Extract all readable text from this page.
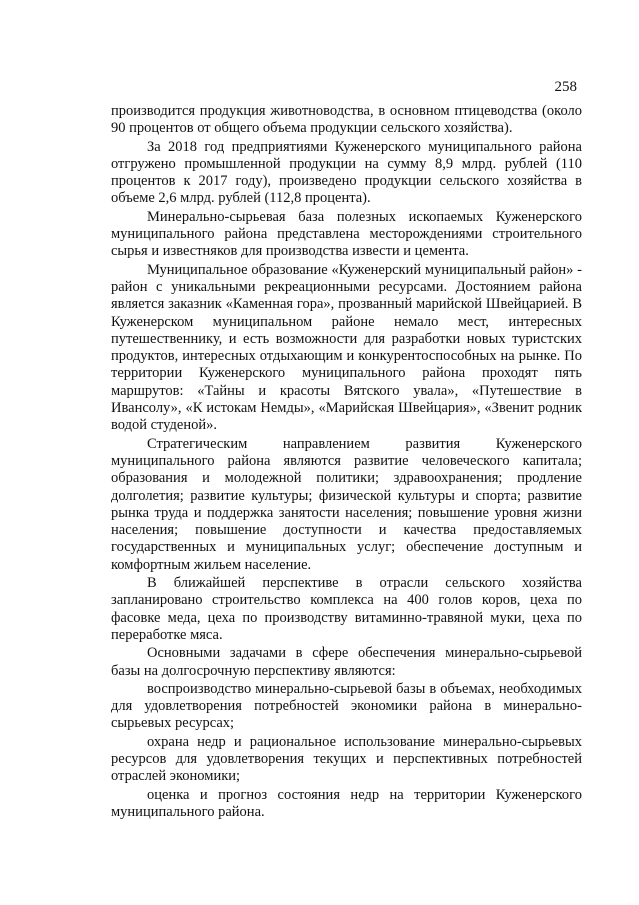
258

производится продукция животноводства, в основном птицеводства (около 90 процентов от общего объема продукции сельского хозяйства).

За 2018 год предприятиями Куженерского муниципального района отгружено промышленной продукции на сумму 8,9 млрд. рублей (110 процентов к 2017 году), произведено продукции сельского хозяйства в объеме 2,6 млрд. рублей (112,8 процента).

Минерально-сырьевая база полезных ископаемых Куженерского муниципального района представлена месторождениями строительного сырья и известняков для производства извести и цемента.

Муниципальное образование «Куженерский муниципальный район» - район с уникальными рекреационными ресурсами. Достоянием района является заказник «Каменная гора», прозванный марийской Швейцарией. В Куженерском муниципальном районе немало мест, интересных путешественнику, и есть возможности для разработки новых туристских продуктов, интересных отдыхающим и конкурентоспособных на рынке. По территории Куженерского муниципального района проходят пять маршрутов: «Тайны и красоты Вятского увала», «Путешествие в Ивансолу», «К истокам Немды», «Марийская Швейцария», «Звенит родник водой студеной».

Стратегическим направлением развития Куженерского муниципального района являются развитие человеческого капитала; образования и молодежной политики; здравоохранения; продление долголетия; развитие культуры; физической культуры и спорта; развитие рынка труда и поддержка занятости населения; повышение уровня жизни населения; повышение доступности и качества предоставляемых государственных и муниципальных услуг; обеспечение доступным и комфортным жильем население.

В ближайшей перспективе в отрасли сельского хозяйства запланировано строительство комплекса на 400 голов коров, цеха по фасовке меда, цеха по производству витаминно-травяной муки, цеха по переработке мяса.

Основными задачами в сфере обеспечения минерально-сырьевой базы на долгосрочную перспективу являются:

воспроизводство минерально-сырьевой базы в объемах, необходимых для удовлетворения потребностей экономики района в минерально-сырьевых ресурсах;

охрана недр и рациональное использование минерально-сырьевых ресурсов для удовлетворения текущих и перспективных потребностей отраслей экономики;

оценка и прогноз состояния недр на территории Куженерского муниципального района.
